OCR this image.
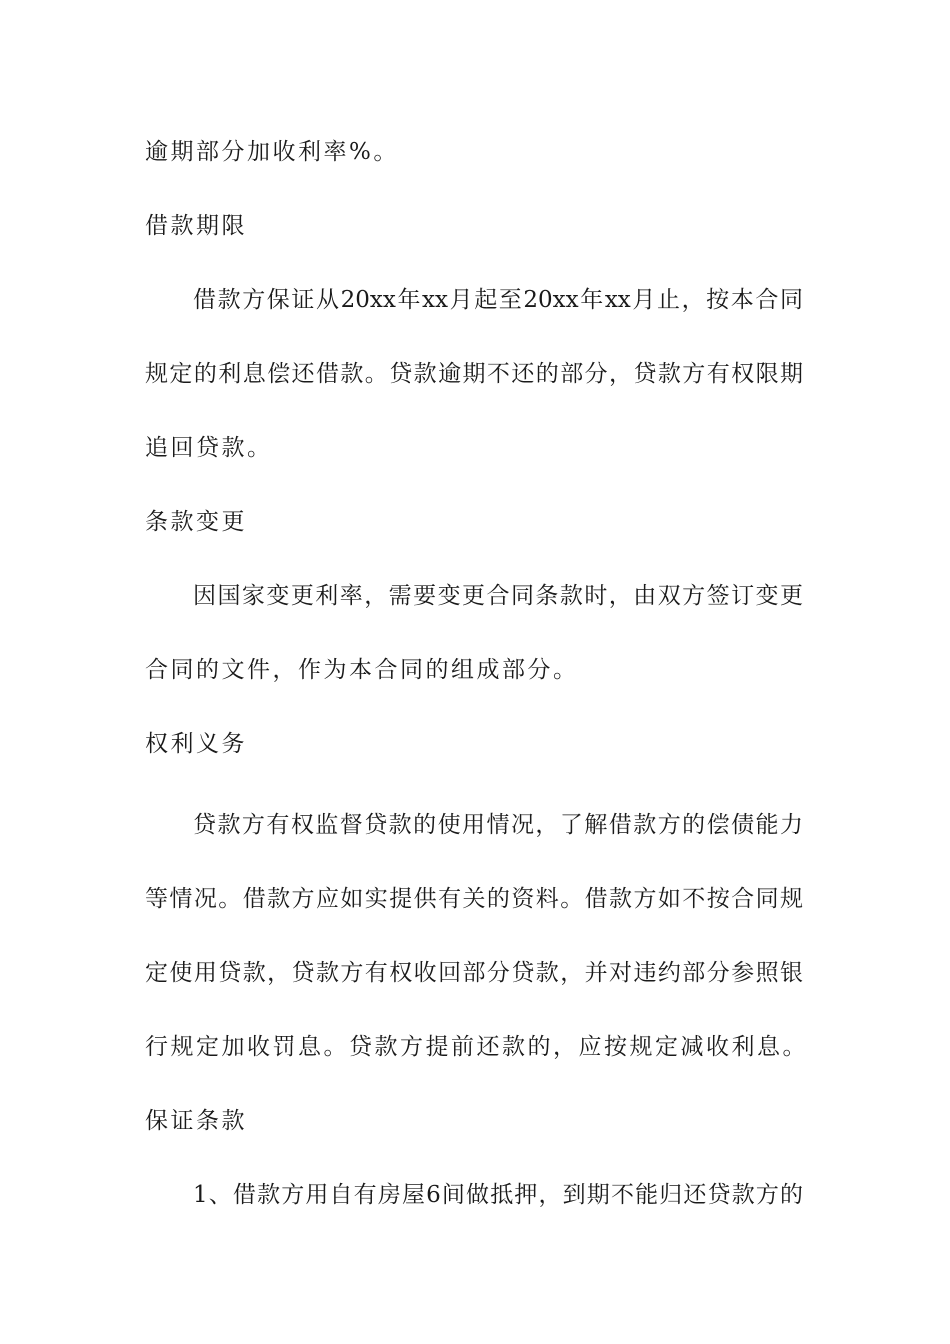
逾期部分加收利率%。
借款期限
借款方保证从20xx年xx月起至20xx年xx月止，按本合同
规定的利息偿还借款。贷款逾期不还的部分，贷款方有权限期
追回贷款。
条款变更
因国家变更利率，需要变更合同条款时，由双方签订变更
合同的文件，作为本合同的组成部分。
权利义务
贷款方有权监督贷款的使用情况，了解借款方的偿债能力
等情况。借款方应如实提供有关的资料。借款方如不按合同规
定使用贷款，贷款方有权收回部分贷款，并对违约部分参照银
行规定加收罚息。贷款方提前还款的，应按规定减收利息。
保证条款
1、借款方用自有房屋6间做抵押，到期不能归还贷款方的
